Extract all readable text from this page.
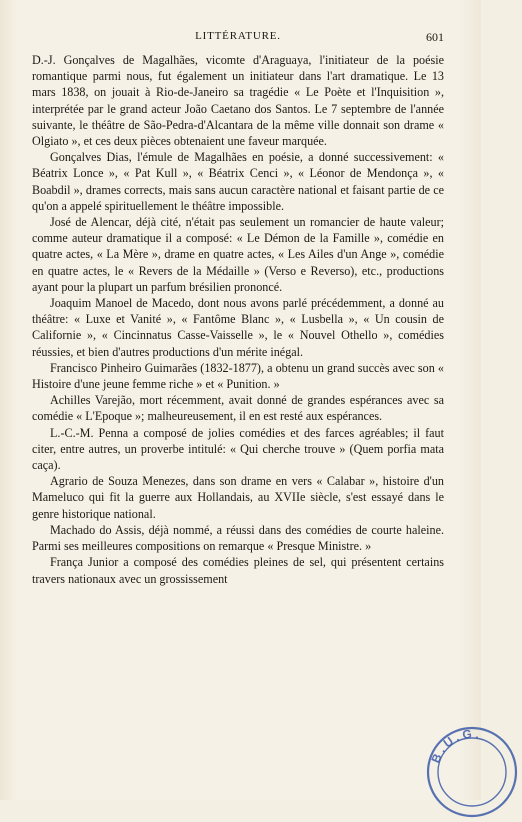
LITTÉRATURE.	601

D.-J. Gonçalves de Magalhães, vicomte d'Araguaya, l'initiateur de la poésie romantique parmi nous, fut également un initiateur dans l'art dramatique. Le 13 mars 1838, on jouait à Rio-de-Janeiro sa tragédie « Le Poète et l'Inquisition », interprétée par le grand acteur João Caetano dos Santos. Le 7 septembre de l'année suivante, le théâtre de São-Pedra-d'Alcantara de la même ville donnait son drame « Olgiato », et ces deux pièces obtenaient une faveur marquée.

Gonçalves Dias, l'émule de Magalhães en poésie, a donné successivement: « Béatrix Lonce », « Pat Kull », « Béatrix Cenci », « Léonor de Mendonça », « Boabdil », drames corrects, mais sans aucun caractère national et faisant partie de ce qu'on a appelé spirituellement le théâtre impossible.

José de Alencar, déjà cité, n'était pas seulement un romancier de haute valeur; comme auteur dramatique il a composé: « Le Démon de la Famille », comédie en quatre actes, « La Mère », drame en quatre actes, « Les Ailes d'un Ange », comédie en quatre actes, le « Revers de la Médaille » (Verso e Reverso), etc., productions ayant pour la plupart un parfum brésilien prononcé.

Joaquim Manoel de Macedo, dont nous avons parlé précédemment, a donné au théâtre: « Luxe et Vanité », « Fantôme Blanc », « Lusbella », « Un cousin de Californie », « Cincinnatus Casse-Vaisselle », le « Nouvel Othello », comédies réussies, et bien d'autres productions d'un mérite inégal.

Francisco Pinheiro Guimarães (1832-1877), a obtenu un grand succès avec son « Histoire d'une jeune femme riche » et « Punition. »

Achilles Varejão, mort récemment, avait donné de grandes espérances avec sa comédie « L'Epoque »; malheureusement, il en est resté aux espérances.

L.-C.-M. Penna a composé de jolies comédies et des farces agréables; il faut citer, entre autres, un proverbe intitulé: « Qui cherche trouve » (Quem porfia mata caça).

Agrario de Souza Menezes, dans son drame en vers « Calabar », histoire d'un Mameluco qui fit la guerre aux Hollandais, au XVIIe siècle, s'est essayé dans le genre historique national.

Machado do Assis, déjà nommé, a réussi dans des comédies de courte haleine. Parmi ses meilleures compositions on remarque « Presque Ministre. »

França Junior a composé des comédies pleines de sel, qui présentent certains travers nationaux avec un grossissement

B.U.G.
